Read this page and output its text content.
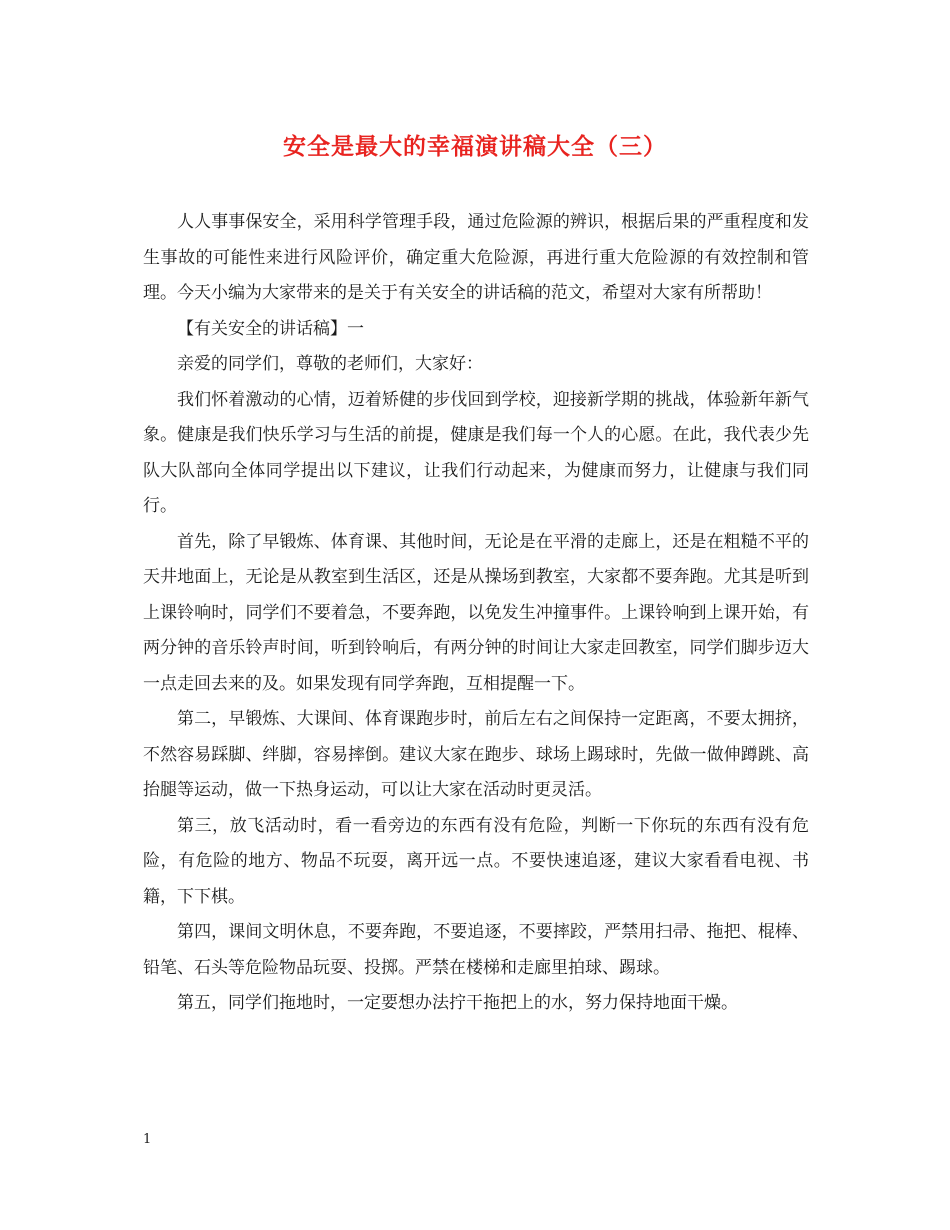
安全是最大的幸福演讲稿大全（三）

人人事事保安全，采用科学管理手段，通过危险源的辨识，根据后果的严重程度和发生事故的可能性来进行风险评价，确定重大危险源，再进行重大危险源的有效控制和管理。今天小编为大家带来的是关于有关安全的讲话稿的范文，希望对大家有所帮助！

【有关安全的讲话稿】一

亲爱的同学们，尊敬的老师们，大家好：

我们怀着激动的心情，迈着矫健的步伐回到学校，迎接新学期的挑战，体验新年新气象。健康是我们快乐学习与生活的前提，健康是我们每一个人的心愿。在此，我代表少先队大队部向全体同学提出以下建议，让我们行动起来，为健康而努力，让健康与我们同行。

首先，除了早锻炼、体育课、其他时间，无论是在平滑的走廊上，还是在粗糙不平的天井地面上，无论是从教室到生活区，还是从操场到教室，大家都不要奔跑。尤其是听到上课铃响时，同学们不要着急，不要奔跑，以免发生冲撞事件。上课铃响到上课开始，有两分钟的音乐铃声时间，听到铃响后，有两分钟的时间让大家走回教室，同学们脚步迈大一点走回去来的及。如果发现有同学奔跑，互相提醒一下。

第二，早锻炼、大课间、体育课跑步时，前后左右之间保持一定距离，不要太拥挤，不然容易踩脚、绊脚，容易摔倒。建议大家在跑步、球场上踢球时，先做一做伸蹲跳、高抬腿等运动，做一下热身运动，可以让大家在活动时更灵活。

第三，放飞活动时，看一看旁边的东西有没有危险，判断一下你玩的东西有没有危险，有危险的地方、物品不玩耍，离开远一点。不要快速追逐，建议大家看看电视、书籍，下下棋。

第四，课间文明休息，不要奔跑，不要追逐，不要摔跤，严禁用扫帚、拖把、棍棒、铅笔、石头等危险物品玩耍、投掷。严禁在楼梯和走廊里拍球、踢球。

第五，同学们拖地时，一定要想办法拧干拖把上的水，努力保持地面干燥。

1
